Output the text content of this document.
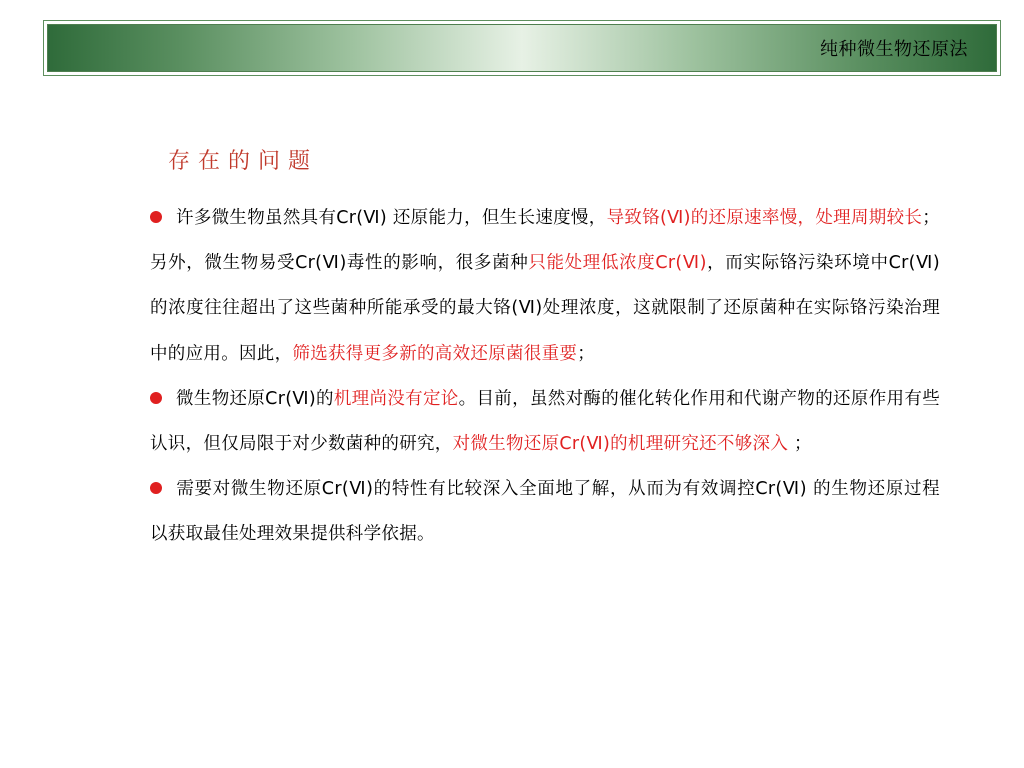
纯种微生物还原法
存在的问题

许多微生物虽然具有Cr(Ⅵ) 还原能力，但生长速度慢，导致铬(Ⅵ)的还原速率慢，处理周期较长；另外，微生物易受Cr(Ⅵ)毒性的影响，很多菌种只能处理低浓度Cr(Ⅵ)，而实际铬污染环境中Cr(Ⅵ)的浓度往往超出了这些菌种所能承受的最大铬(Ⅵ)处理浓度，这就限制了还原菌种在实际铬污染治理中的应用。因此，筛选获得更多新的高效还原菌很重要；

微生物还原Cr(Ⅵ)的机理尚没有定论。目前，虽然对酶的催化转化作用和代谢产物的还原作用有些认识，但仅局限于对少数菌种的研究，对微生物还原Cr(Ⅵ)的机理研究还不够深入 ；

需要对微生物还原Cr(Ⅵ)的特性有比较深入全面地了解，从而为有效调控Cr(Ⅵ) 的生物还原过程以获取最佳处理效果提供科学依据。
